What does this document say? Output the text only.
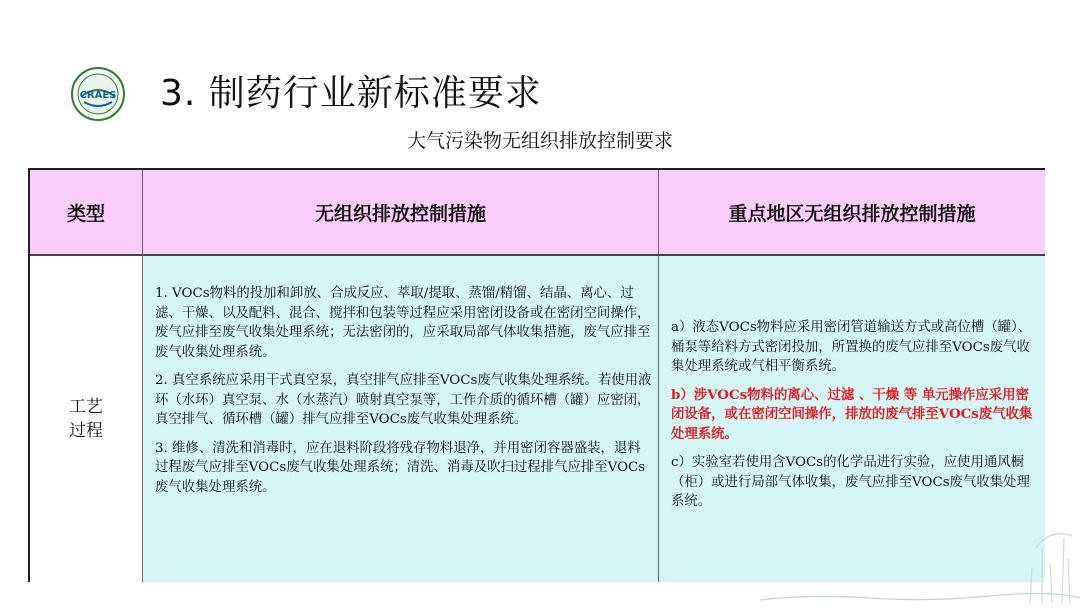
CRAES 3. 制药行业新标准要求
大气污染物无组织排放控制要求
类型	无组织排放控制措施	重点地区无组织排放控制措施
工艺
过程

1. VOCs物料的投加和卸放、合成反应、萃取/提取、蒸馏/精馏、结晶、离心、过滤、干燥、以及配料、混合、搅拌和包装等过程应采用密闭设备或在密闭空间操作，废气应排至废气收集处理系统；无法密闭的，应采取局部气体收集措施，废气应排至废气收集处理系统。

2. 真空系统应采用干式真空泵，真空排气应排至VOCs废气收集处理系统。若使用液环（水环）真空泵、水（水蒸汽）喷射真空泵等，工作介质的循环槽（罐）应密闭，真空排气、循环槽（罐）排气应排至VOCs废气收集处理系统。

3. 维修、清洗和消毒时，应在退料阶段将残存物料退净，并用密闭容器盛装，退料过程废气应排至VOCs废气收集处理系统；清洗、消毒及吹扫过程排气应排至VOCs废气收集处理系统。

a）液态VOCs物料应采用密闭管道输送方式或高位槽（罐）、桶泵等给料方式密闭投加，所置换的废气应排至VOCs废气收集处理系统或气相平衡系统。

b）涉VOCs物料的离心、过滤 、干燥 等 单元操作应采用密闭设备，或在密闭空间操作，排放的废气排至VOCs废气收集处理系统。

c）实验室若使用含VOCs的化学品进行实验，应使用通风橱（柜）或进行局部气体收集，废气应排至VOCs废气收集处理系统。
